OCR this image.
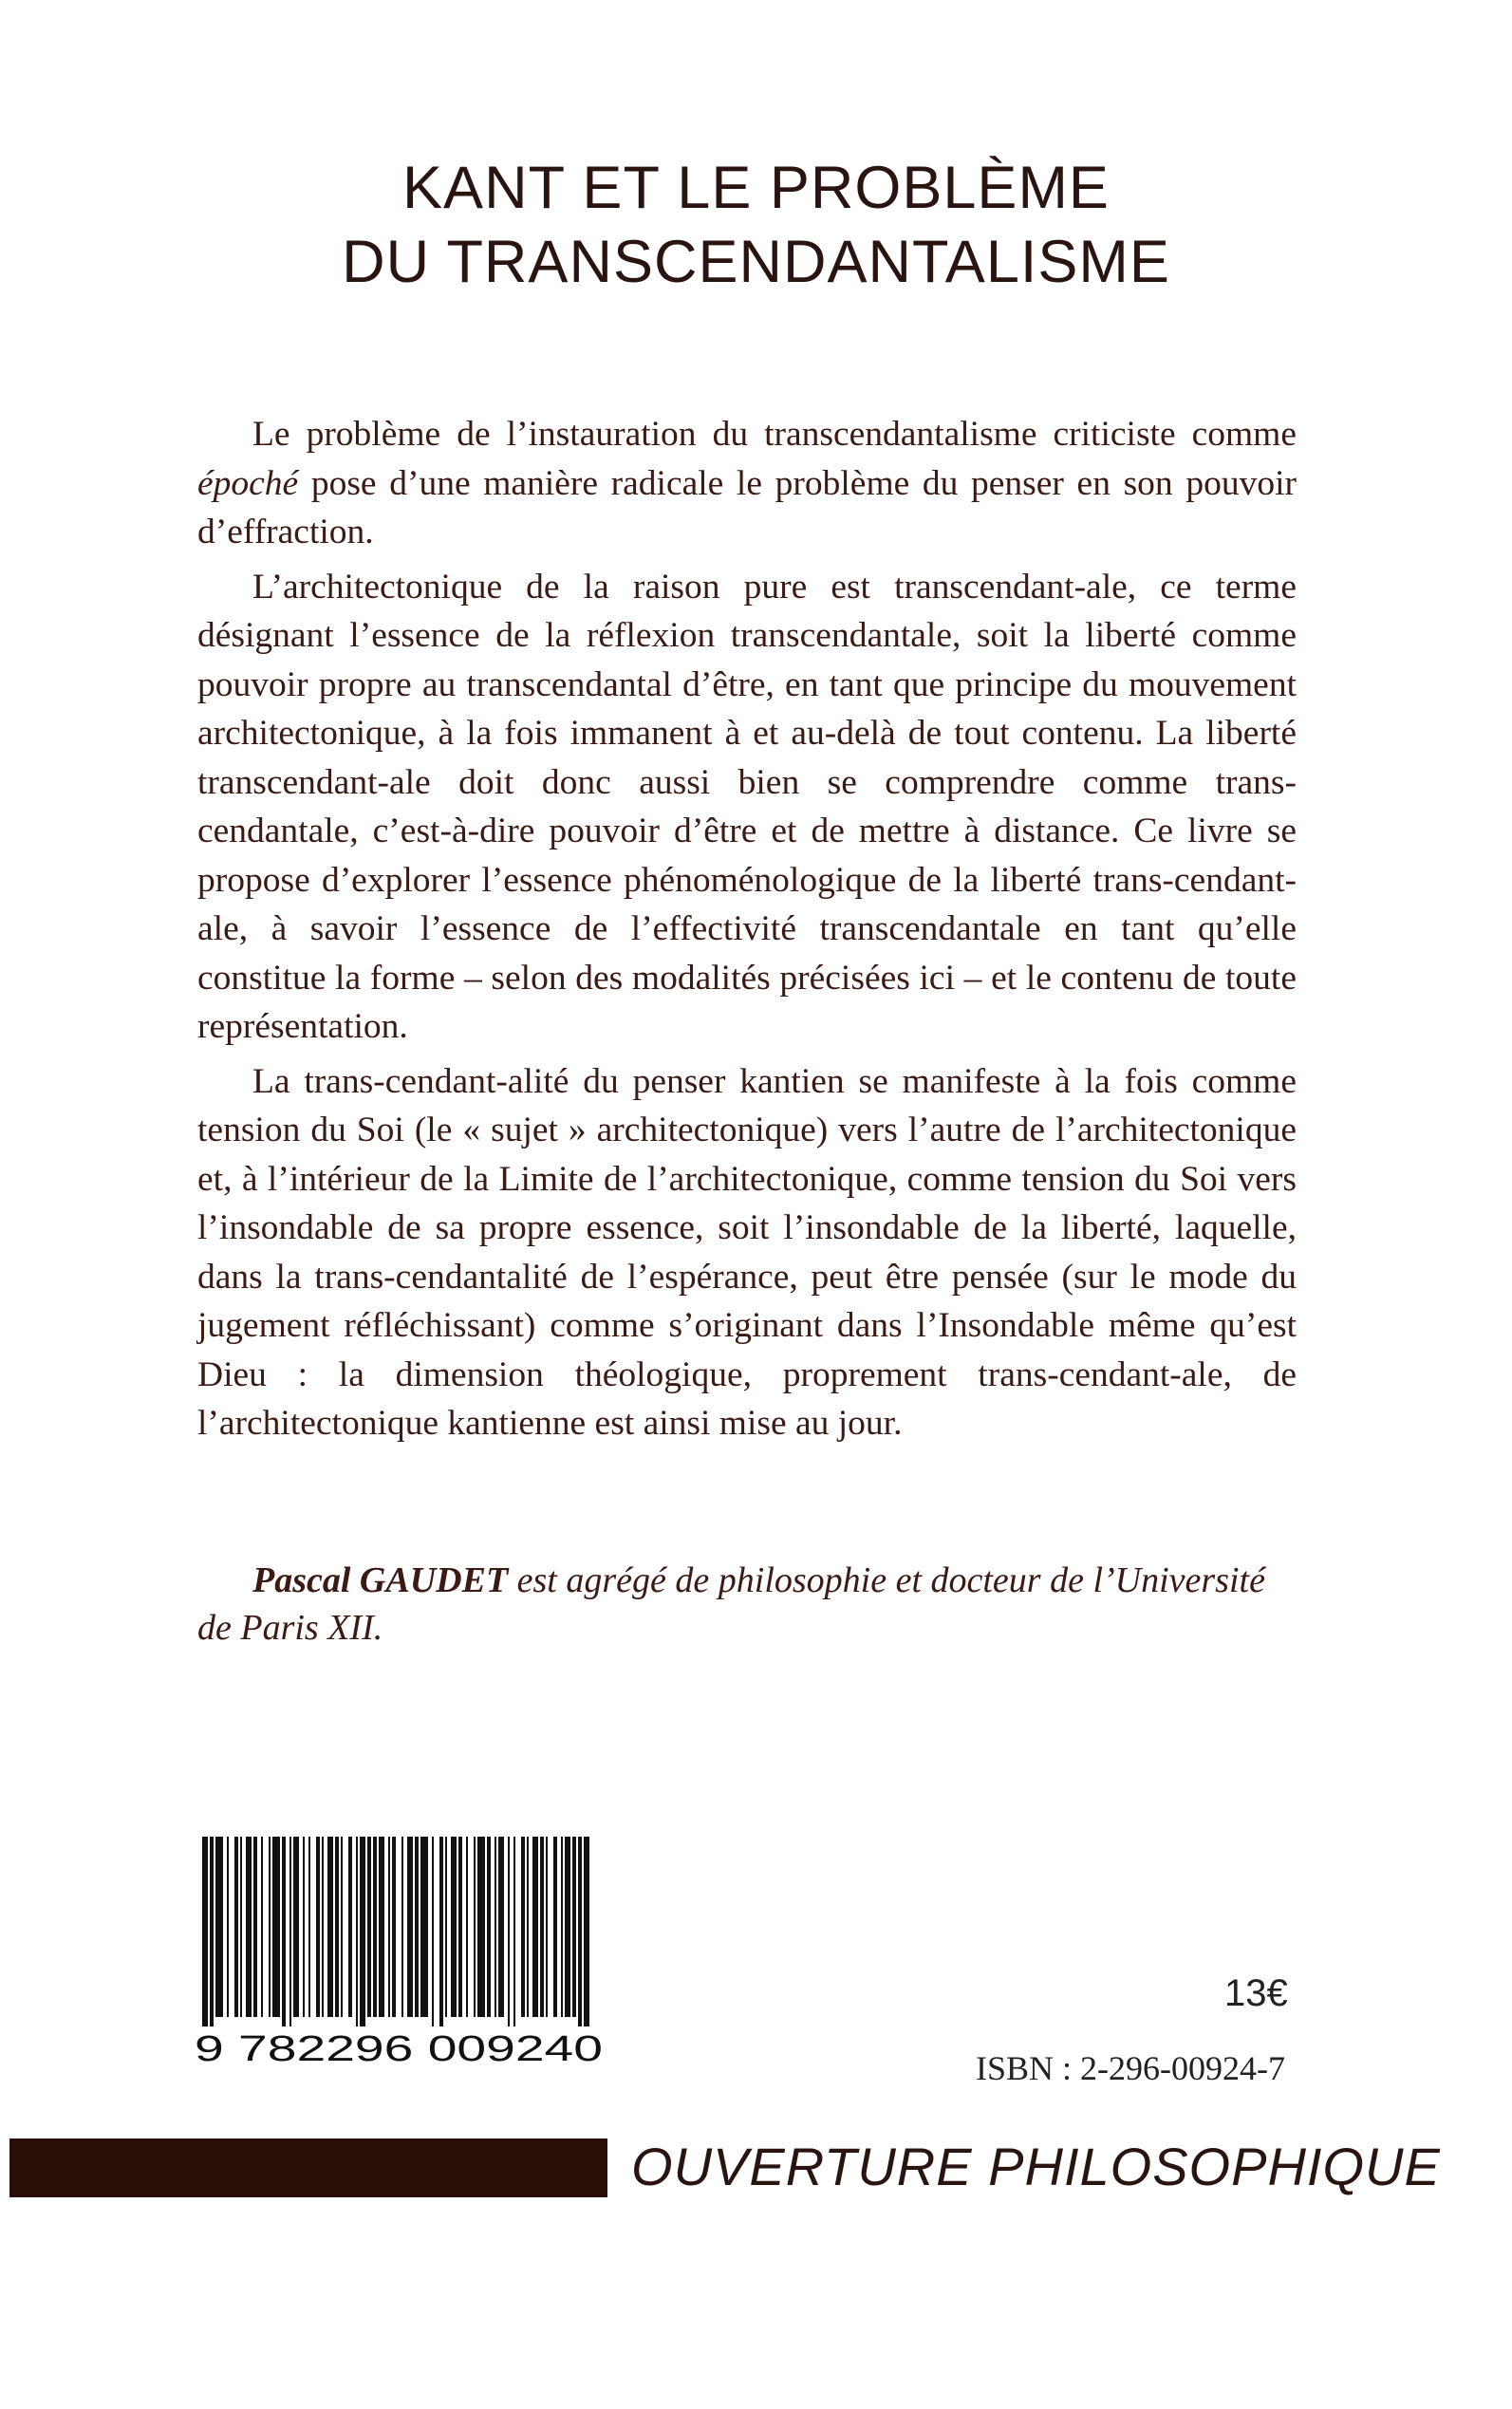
KANT ET LE PROBLÈME
DU TRANSCENDANTALISME

Le problème de l’instauration du transcendantalisme criticiste comme époché pose d’une manière radicale le problème du penser en son pouvoir d’effraction.

L’architectonique de la raison pure est transcendant-ale, ce terme désignant l’essence de la réflexion transcendantale, soit la liberté comme pouvoir propre au transcendantal d’être, en tant que principe du mouvement architectonique, à la fois immanent à et au-delà de tout contenu. La liberté transcendant-ale doit donc aussi bien se comprendre comme trans-cendantale, c’est-à-dire pouvoir d’être et de mettre à distance. Ce livre se propose d’explorer l’essence phénoménologique de la liberté trans-cendant-ale, à savoir l’essence de l’effectivité transcendantale en tant qu’elle constitue la forme – selon des modalités précisées ici – et le contenu de toute représentation.

La trans-cendant-alité du penser kantien se manifeste à la fois comme tension du Soi (le « sujet » architectonique) vers l’autre de l’architectonique et, à l’intérieur de la Limite de l’architectonique, comme tension du Soi vers l’insondable de sa propre essence, soit l’insondable de la liberté, laquelle, dans la trans-cendantalité de l’espérance, peut être pensée (sur le mode du jugement réfléchissant) comme s’originant dans l’Insondable même qu’est Dieu : la dimension théologique, proprement trans-cendant-ale, de l’architectonique kantienne est ainsi mise au jour.

Pascal GAUDET est agrégé de philosophie et docteur de l’Université de Paris XII.
9 782296 009240
13€
ISBN : 2-296-00924-7
OUVERTURE PHILOSOPHIQUE
